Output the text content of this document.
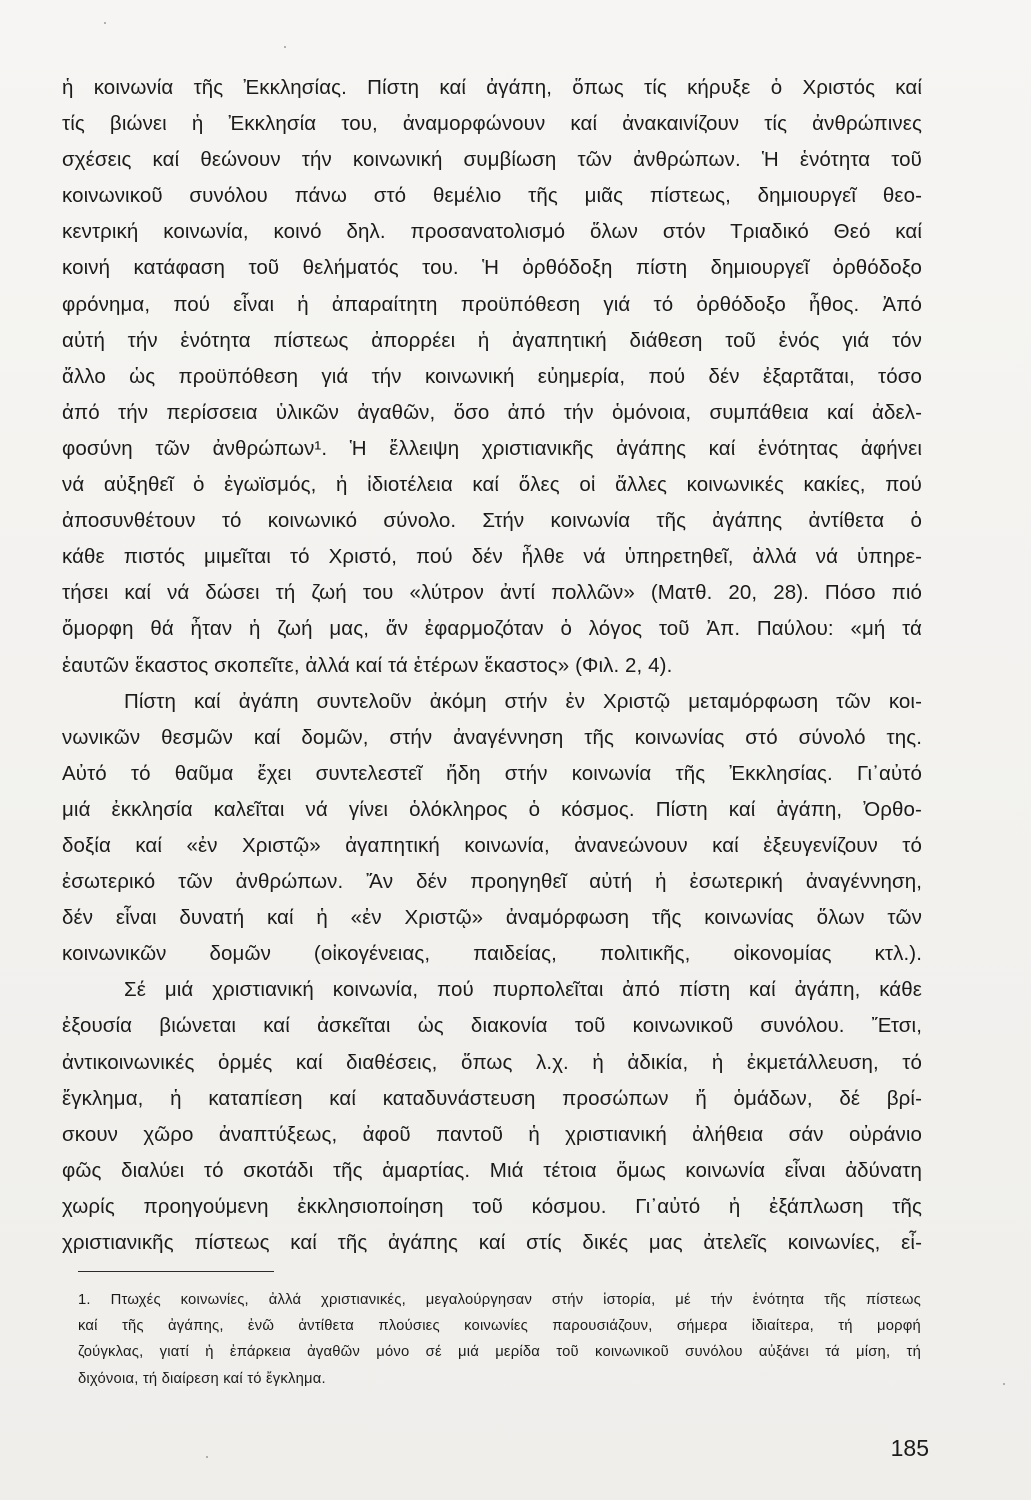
ἡ κοινωνία τῆς Ἐκκλησίας. Πίστη καί ἀγάπη, ὅπως τίς κήρυξε ὁ Χριστός καί
τίς βιώνει ἡ Ἐκκλησία του, ἀναμορφώνουν καί ἀνακαινίζουν τίς ἀνθρώπινες
σχέσεις καί θεώνουν τήν κοινωνική συμβίωση τῶν ἀνθρώπων. Ἡ ἑνότητα τοῦ
κοινωνικοῦ συνόλου πάνω στό θεμέλιο τῆς μιᾶς πίστεως, δημιουργεῖ θεο-
κεντρική κοινωνία, κοινό δηλ. προσανατολισμό ὅλων στόν Τριαδικό Θεό καί
κοινή κατάφαση τοῦ θελήματός του. Ἡ ὀρθόδοξη πίστη δημιουργεῖ ὀρθόδοξο
φρόνημα, πού εἶναι ἡ ἀπαραίτητη προϋπόθεση γιά τό ὀρθόδοξο ἦθος. Ἀπό
αὐτή τήν ἑνότητα πίστεως ἀπορρέει ἡ ἀγαπητική διάθεση τοῦ ἑνός γιά τόν
ἄλλο ὡς προϋπόθεση γιά τήν κοινωνική εὐημερία, πού δέν ἐξαρτᾶται, τόσο
ἀπό τήν περίσσεια ὑλικῶν ἀγαθῶν, ὅσο ἀπό τήν ὁμόνοια, συμπάθεια καί ἀδελ-
φοσύνη τῶν ἀνθρώπων¹. Ἡ ἔλλειψη χριστιανικῆς ἀγάπης καί ἑνότητας ἀφήνει
νά αὐξηθεῖ ὁ ἐγωϊσμός, ἡ ἰδιοτέλεια καί ὅλες οἱ ἄλλες κοινωνικές κακίες, πού
ἀποσυνθέτουν τό κοινωνικό σύνολο. Στήν κοινωνία τῆς ἀγάπης ἀντίθετα ὁ
κάθε πιστός μιμεῖται τό Χριστό, πού δέν ἦλθε νά ὑπηρετηθεῖ, ἀλλά νά ὑπηρε-
τήσει καί νά δώσει τή ζωή του «λύτρον ἀντί πολλῶν» (Ματθ. 20, 28). Πόσο πιό
ὄμορφη θά ἦταν ἡ ζωή μας, ἄν ἐφαρμοζόταν ὁ λόγος τοῦ Ἀπ. Παύλου: «μή τά
ἑαυτῶν ἕκαστος σκοπεῖτε, ἀλλά καί τά ἑτέρων ἕκαστος» (Φιλ. 2, 4).
Πίστη καί ἀγάπη συντελοῦν ἀκόμη στήν ἐν Χριστῷ μεταμόρφωση τῶν κοι-
νωνικῶν θεσμῶν καί δομῶν, στήν ἀναγέννηση τῆς κοινωνίας στό σύνολό της.
Αὐτό τό θαῦμα ἔχει συντελεστεῖ ἤδη στήν κοινωνία τῆς Ἐκκλησίας. Γι᾿αὐτό
μιά ἐκκλησία καλεῖται νά γίνει ὁλόκληρος ὁ κόσμος. Πίστη καί ἀγάπη, Ὀρθο-
δοξία καί «ἐν Χριστῷ» ἀγαπητική κοινωνία, ἀνανεώνουν καί ἐξευγενίζουν τό
ἐσωτερικό τῶν ἀνθρώπων. Ἄν δέν προηγηθεῖ αὐτή ἡ ἐσωτερική ἀναγέννηση,
δέν εἶναι δυνατή καί ἡ «ἐν Χριστῷ» ἀναμόρφωση τῆς κοινωνίας ὅλων τῶν
κοινωνικῶν δομῶν (οἰκογένειας, παιδείας, πολιτικῆς, οἰκονομίας κτλ.).
Σέ μιά χριστιανική κοινωνία, πού πυρπολεῖται ἀπό πίστη καί ἀγάπη, κάθε
ἐξουσία βιώνεται καί ἀσκεῖται ὡς διακονία τοῦ κοινωνικοῦ συνόλου. Ἔτσι,
ἀντικοινωνικές ὁρμές καί διαθέσεις, ὅπως λ.χ. ἡ ἀδικία, ἡ ἐκμετάλλευση, τό
ἔγκλημα, ἡ καταπίεση καί καταδυνάστευση προσώπων ἤ ὁμάδων, δέ βρί-
σκουν χῶρο ἀναπτύξεως, ἀφοῦ παντοῦ ἡ χριστιανική ἀλήθεια σάν οὐράνιο
φῶς διαλύει τό σκοτάδι τῆς ἁμαρτίας. Μιά τέτοια ὅμως κοινωνία εἶναι ἀδύνατη
χωρίς προηγούμενη ἐκκλησιοποίηση τοῦ κόσμου. Γι᾿αὐτό ἡ ἐξάπλωση τῆς
χριστιανικῆς πίστεως καί τῆς ἀγάπης καί στίς δικές μας ἀτελεῖς κοινωνίες, εἶ-
1. Πτωχές κοινωνίες, ἀλλά χριστιανικές, μεγαλούργησαν στήν ἱστορία, μέ τήν ἑνότητα τῆς πίστεως
καί τῆς ἀγάπης, ἐνῶ ἀντίθετα πλούσιες κοινωνίες παρουσιάζουν, σήμερα ἰδιαίτερα, τή μορφή
ζούγκλας, γιατί ἡ ἐπάρκεια ἀγαθῶν μόνο σέ μιά μερίδα τοῦ κοινωνικοῦ συνόλου αὐξάνει τά μίση, τή
διχόνοια, τή διαίρεση καί τό ἔγκλημα.
185
